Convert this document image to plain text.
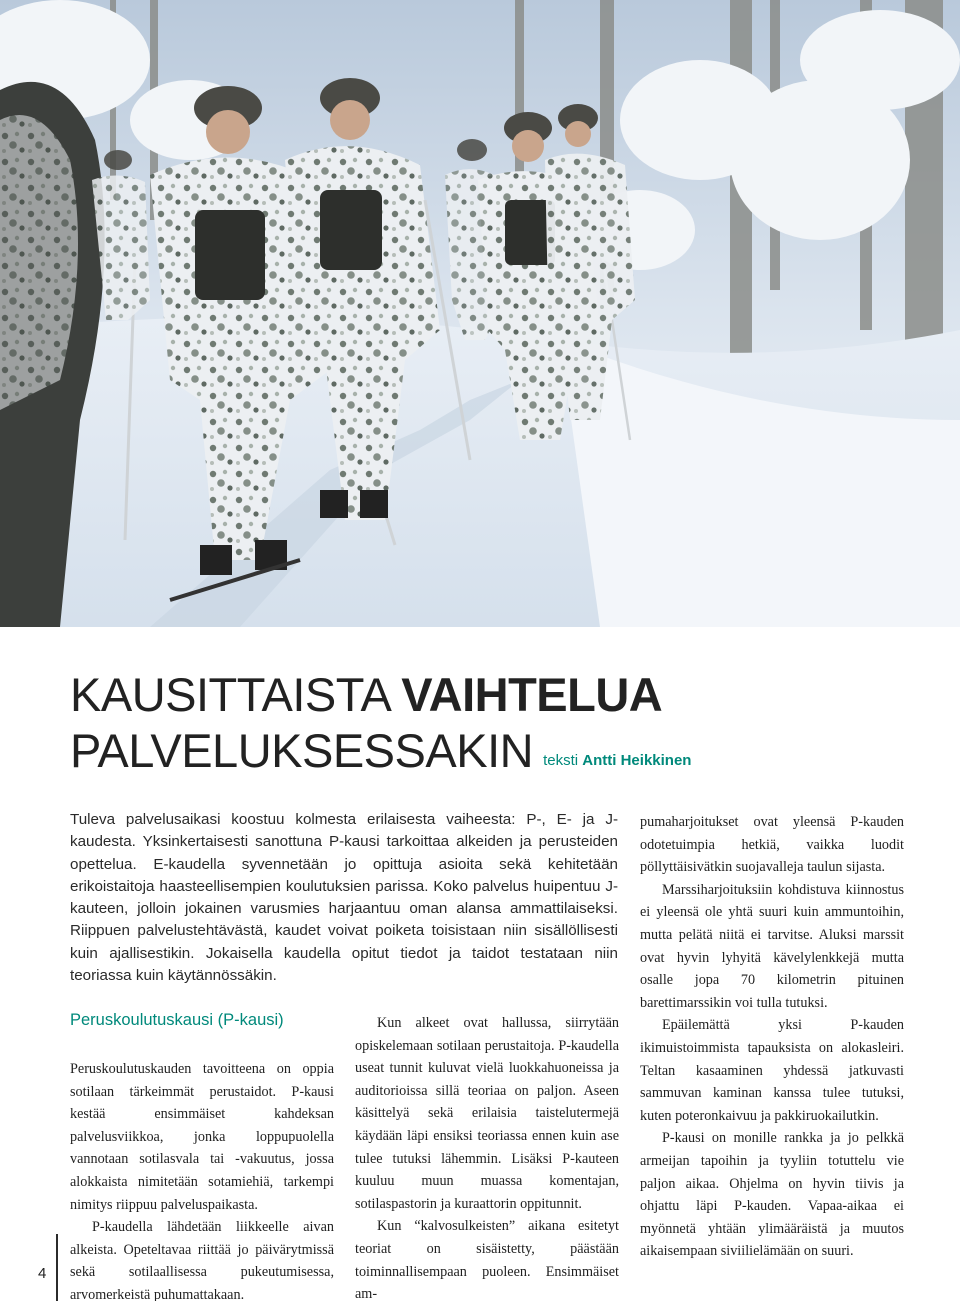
KAUSITTAISTA VAIHTELUA
PALVELUKSESSAKIN teksti Antti Heikkinen
Tuleva palvelusaikasi koostuu kolmesta erilaisesta vaiheesta: P-, E- ja J-kaudesta. Yksinkertaisesti sanottuna P-kausi tarkoittaa alkeiden ja perusteiden opettelua. E-kaudella syvennetään jo opittuja asioita sekä kehitetään erikoistaitoja haasteellisempien koulutuksien parissa. Koko palvelus huipentuu J-kauteen, jolloin jokainen varusmies harjaantuu oman alansa ammattilaiseksi. Riippuen palvelustehtävästä, kaudet voivat poiketa toisistaan niin sisällöllisesti kuin ajallisestikin. Jokaisella kaudella opitut tiedot ja taidot testataan niin teoriassa kuin käytännössäkin.
Peruskoulutuskausi (P-kausi)

Peruskoulutuskauden tavoitteena on oppia sotilaan tärkeimmät perustaidot. P-kausi kestää ensimmäiset kahdeksan palvelusviikkoa, jonka loppupuolella vannotaan sotilasvala tai -vakuutus, jossa alokkaista nimitetään sotamiehiä, tarkempi nimitys riippuu palveluspaikasta.

P-kaudella lähdetään liikkeelle aivan alkeista. Opeteltavaa riittää jo päivärytmissä sekä sotilaallisessa pukeutumisessa, arvomerkeistä puhumattakaan.

Kun alkeet ovat hallussa, siirrytään opiskelemaan sotilaan perustaitoja. P-kaudella useat tunnit kuluvat vielä luokkahuoneissa ja auditorioissa sillä teoriaa on paljon. Aseen käsittelyä sekä erilaisia taistelutermejä käydään läpi ensiksi teoriassa ennen kuin ase tulee tutuksi lähemmin. Lisäksi P-kauteen kuuluu muun muassa komentajan, sotilaspastorin ja kuraattorin oppitunnit.

Kun “kalvosulkeisten” aikana esitetyt teoriat on sisäistetty, päästään toiminnallisempaan puoleen. Ensimmäiset am-

pumaharjoitukset ovat yleensä P-kauden odotetuimpia hetkiä, vaikka luodit pöllyttäisivätkin suojavalleja taulun sijasta.

Marssiharjoituksiin kohdistuva kiinnostus ei yleensä ole yhtä suuri kuin ammuntoihin, mutta pelätä niitä ei tarvitse. Aluksi marssit ovat hyvin lyhyitä kävelylenkkejä mutta osalle jopa 70 kilometrin pituinen barettimarssikin voi tulla tutuksi.

Epäilemättä yksi P-kauden ikimuistoimmista tapauksista on alokasleiri. Teltan kasaaminen yhdessä jatkuvasti sammuvan kaminan kanssa tulee tutuksi, kuten poteronkaivuu ja pakkiruokailutkin.

P-kausi on monille rankka ja jo pelkkä armeijan tapoihin ja tyyliin totuttelu vie paljon aikaa. Ohjelma on hyvin tiivis ja ohjattu läpi P-kauden. Vapaa-aikaa ei myönnetä yhtään ylimääräistä ja muutos aikaisempaan siviilielämään on suuri.

4
